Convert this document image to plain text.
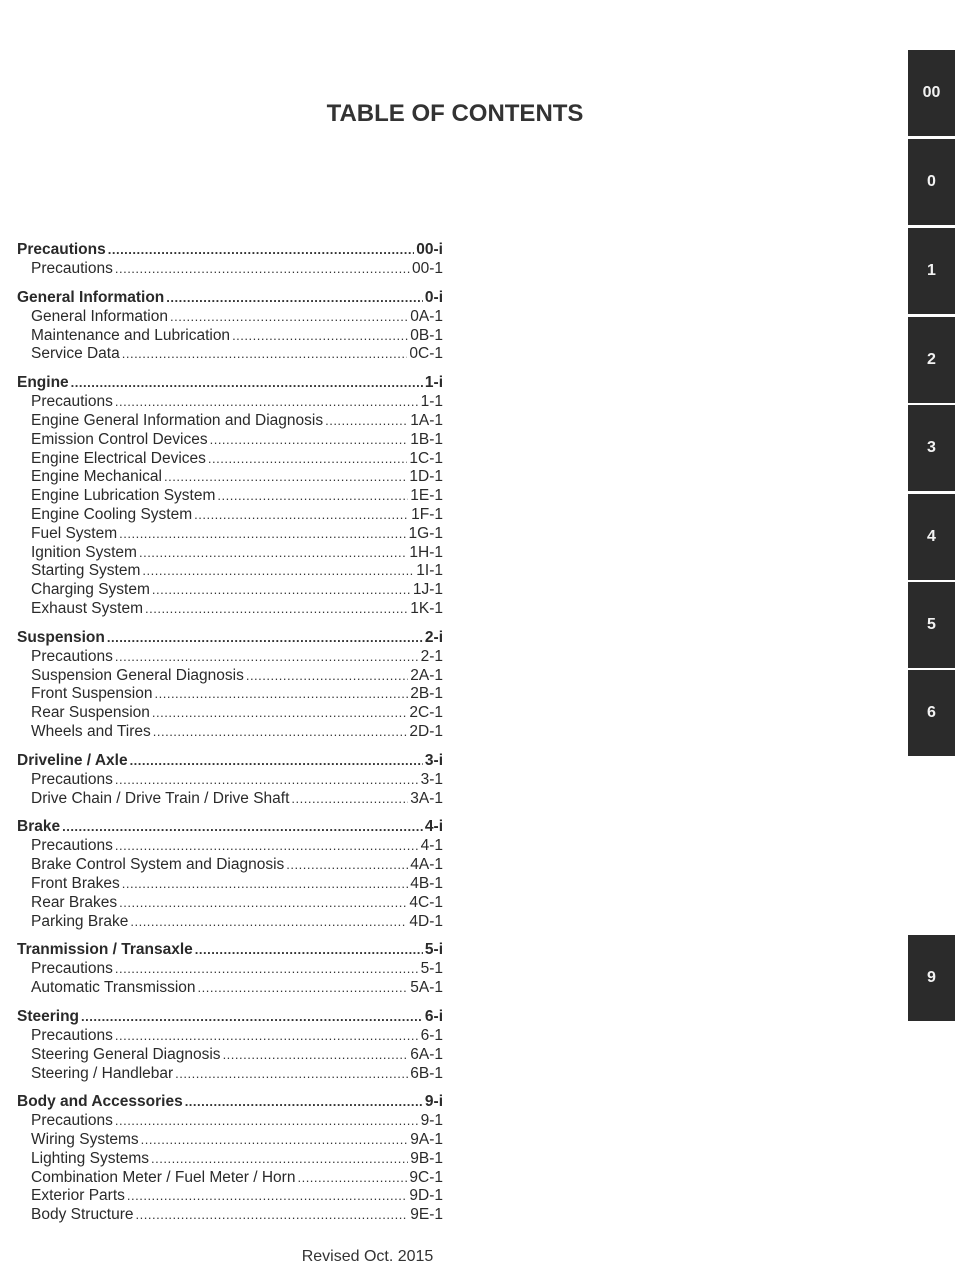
TABLE OF CONTENTS
Precautions .....	00-i
Precautions .....	00-1
General Information .....	0-i
General Information .....	0A-1
Maintenance and Lubrication .....	0B-1
Service Data .....	0C-1
Engine .....	1-i
Precautions .....	1-1
Engine General Information and Diagnosis .....	1A-1
Emission Control Devices .....	1B-1
Engine Electrical Devices .....	1C-1
Engine Mechanical .....	1D-1
Engine Lubrication System .....	1E-1
Engine Cooling System .....	1F-1
Fuel System .....	1G-1
Ignition System .....	1H-1
Starting System .....	1I-1
Charging System .....	1J-1
Exhaust System .....	1K-1
Suspension .....	2-i
Precautions .....	2-1
Suspension General Diagnosis .....	2A-1
Front Suspension .....	2B-1
Rear Suspension .....	2C-1
Wheels and Tires .....	2D-1
Driveline / Axle .....	3-i
Precautions .....	3-1
Drive Chain / Drive Train / Drive Shaft .....	3A-1
Brake .....	4-i
Precautions .....	4-1
Brake Control System and Diagnosis .....	4A-1
Front Brakes .....	4B-1
Rear Brakes .....	4C-1
Parking Brake .....	4D-1
Tranmission / Transaxle .....	5-i
Precautions .....	5-1
Automatic Transmission .....	5A-1
Steering .....	6-i
Precautions .....	6-1
Steering General Diagnosis .....	6A-1
Steering / Handlebar .....	6B-1
Body and Accessories .....	9-i
Precautions .....	9-1
Wiring Systems .....	9A-1
Lighting Systems .....	9B-1
Combination Meter / Fuel Meter / Horn .....	9C-1
Exterior Parts .....	9D-1
Body Structure .....	9E-1
00
0
1
2
3
4
5
6
9
Revised Oct. 2015
